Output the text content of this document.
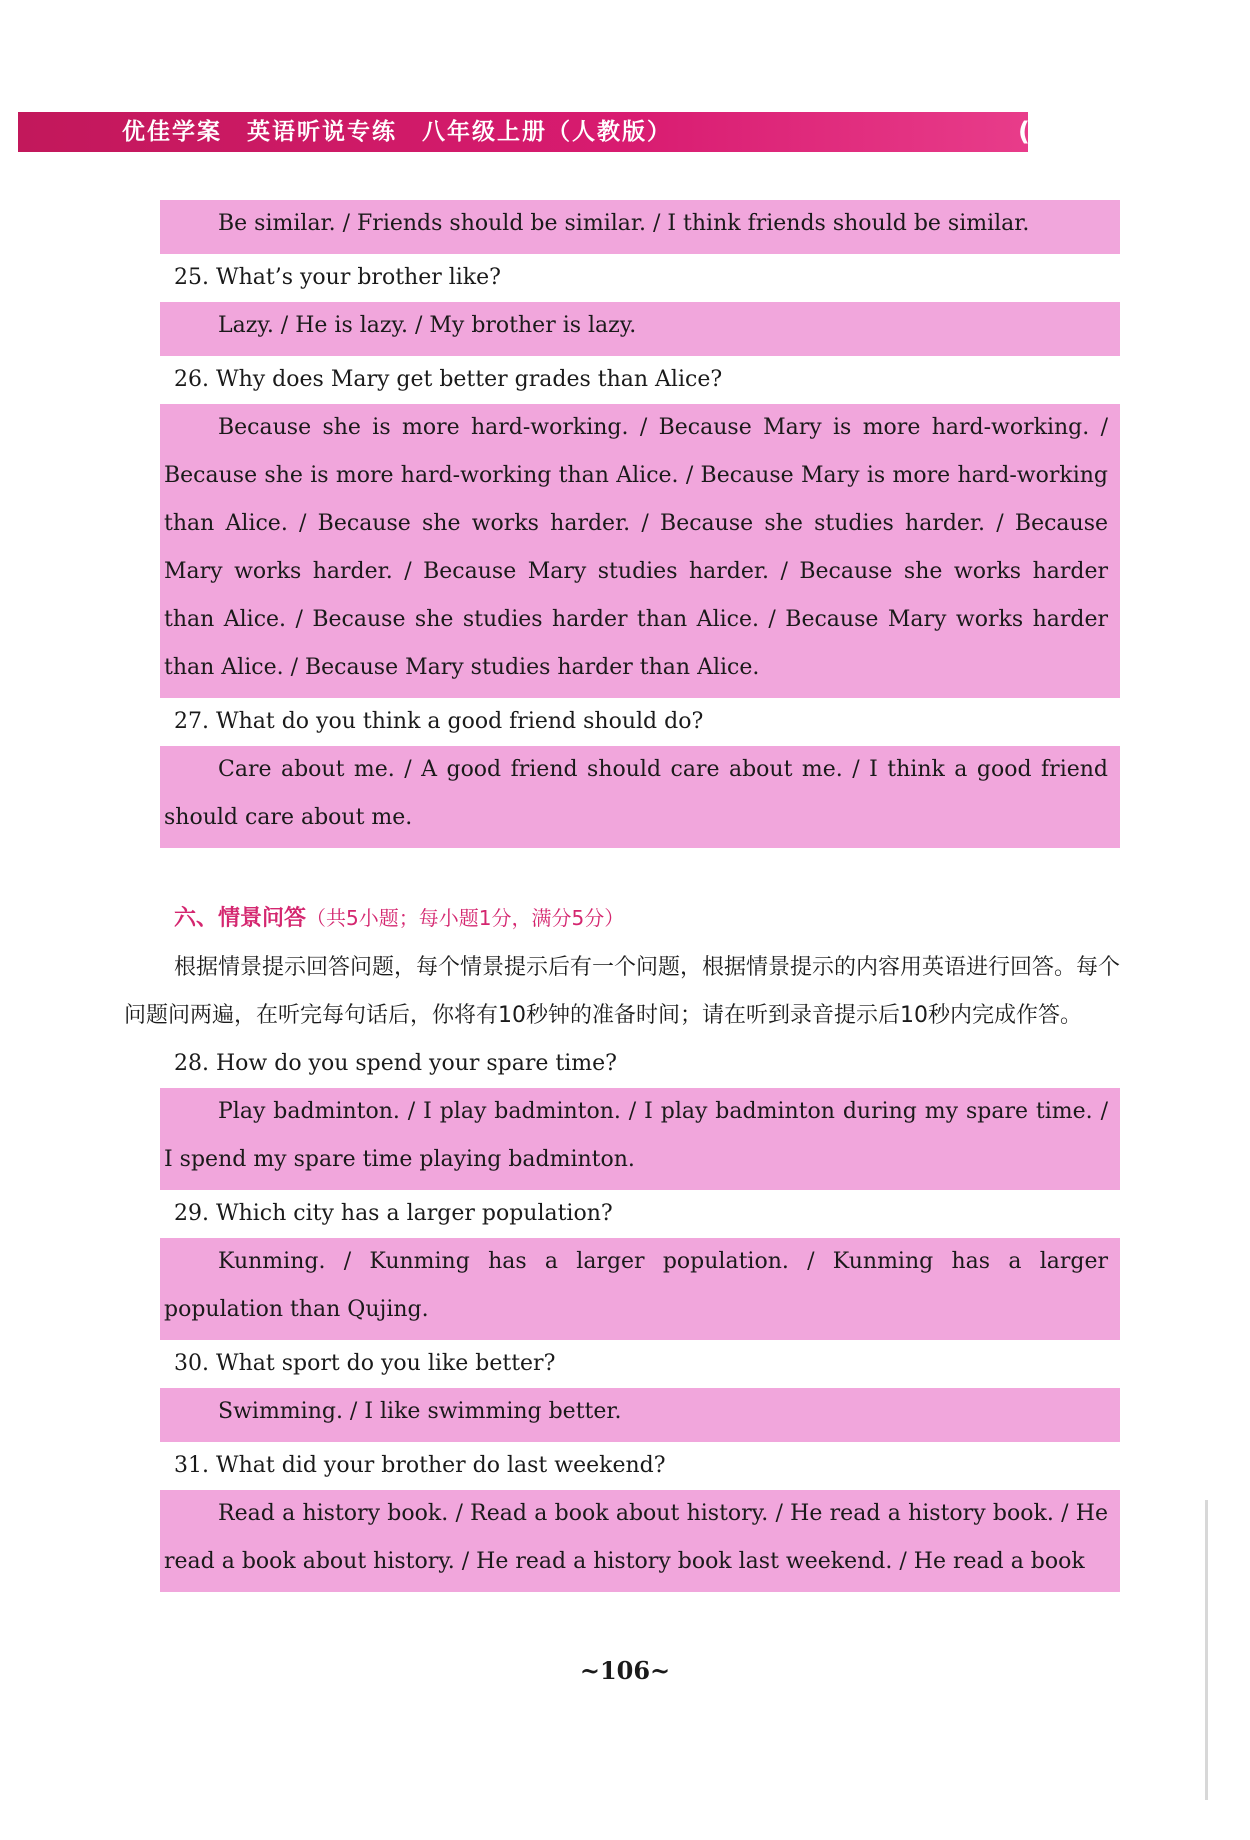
优佳学案　英语听说专练　八年级上册（人教版）	(
Be similar. / Friends should be similar. / I think friends should be similar.
25. What’s your brother like?
Lazy. / He is lazy. / My brother is lazy.
26. Why does Mary get better grades than Alice?
Because she is more hard-working. / Because Mary is more hard-working. / Because she is more hard-working than Alice. / Because Mary is more hard-working than Alice. / Because she works harder. / Because she studies harder. / Because Mary works harder. / Because Mary studies harder. / Because she works harder than Alice. / Because she studies harder than Alice. / Because Mary works harder than Alice. / Because Mary studies harder than Alice.
27. What do you think a good friend should do?
Care about me. / A good friend should care about me. / I think a good friend should care about me.
六、情景问答（共5小题；每小题1分，满分5分）
根据情景提示回答问题，每个情景提示后有一个问题，根据情景提示的内容用英语进行回答。每个问题问两遍，在听完每句话后，你将有10秒钟的准备时间；请在听到录音提示后10秒内完成作答。
28. How do you spend your spare time?
Play badminton. / I play badminton. / I play badminton during my spare time. / I spend my spare time playing badminton.
29. Which city has a larger population?
Kunming. / Kunming has a larger population. / Kunming has a larger population than Qujing.
30. What sport do you like better?
Swimming. / I like swimming better.
31. What did your brother do last weekend?
Read a history book. / Read a book about history. / He read a history book. / He read a book about history. / He read a history book last weekend. / He read a book
~106~
